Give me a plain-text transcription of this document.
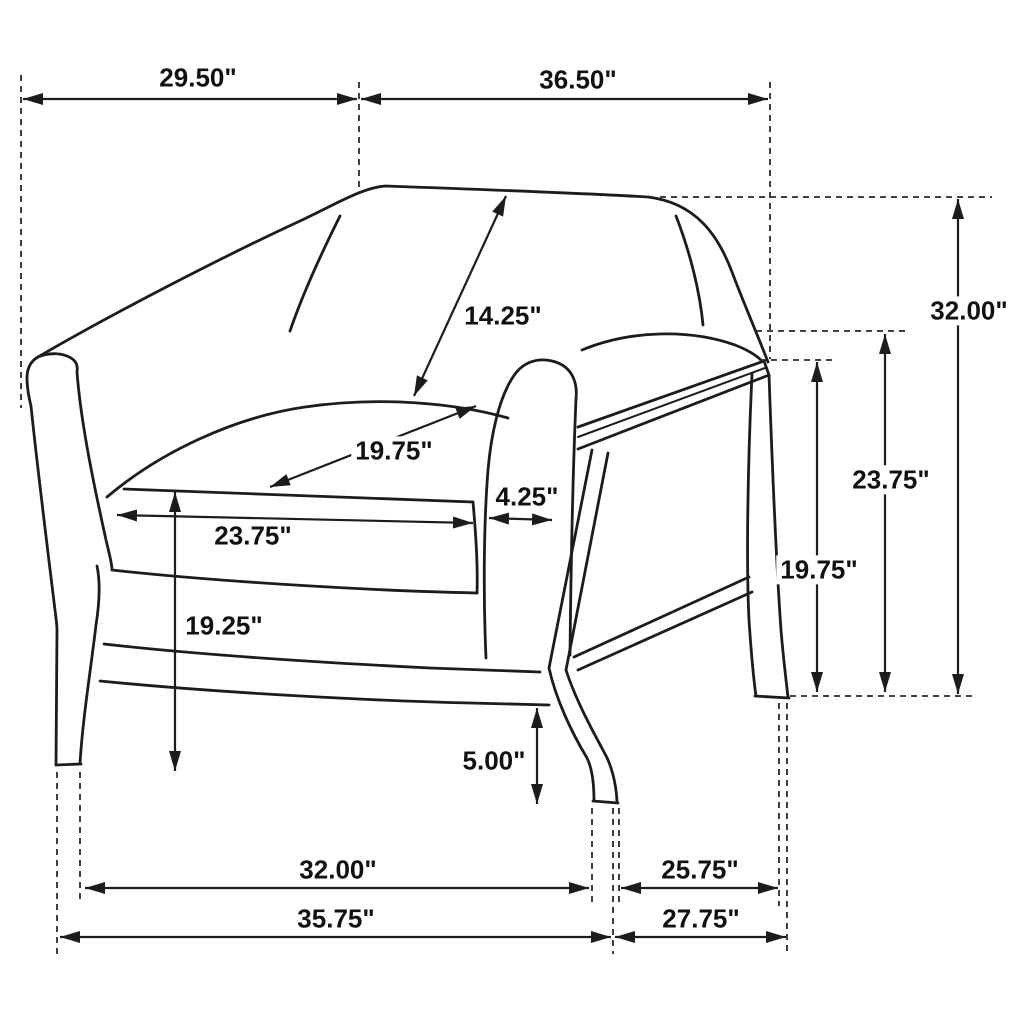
29.50"	36.50"
32.00"
23.75"
19.75"
14.25"
19.75"
4.25"
23.75"
19.25"
5.00"
32.00"	25.75"
35.75"	27.75"
